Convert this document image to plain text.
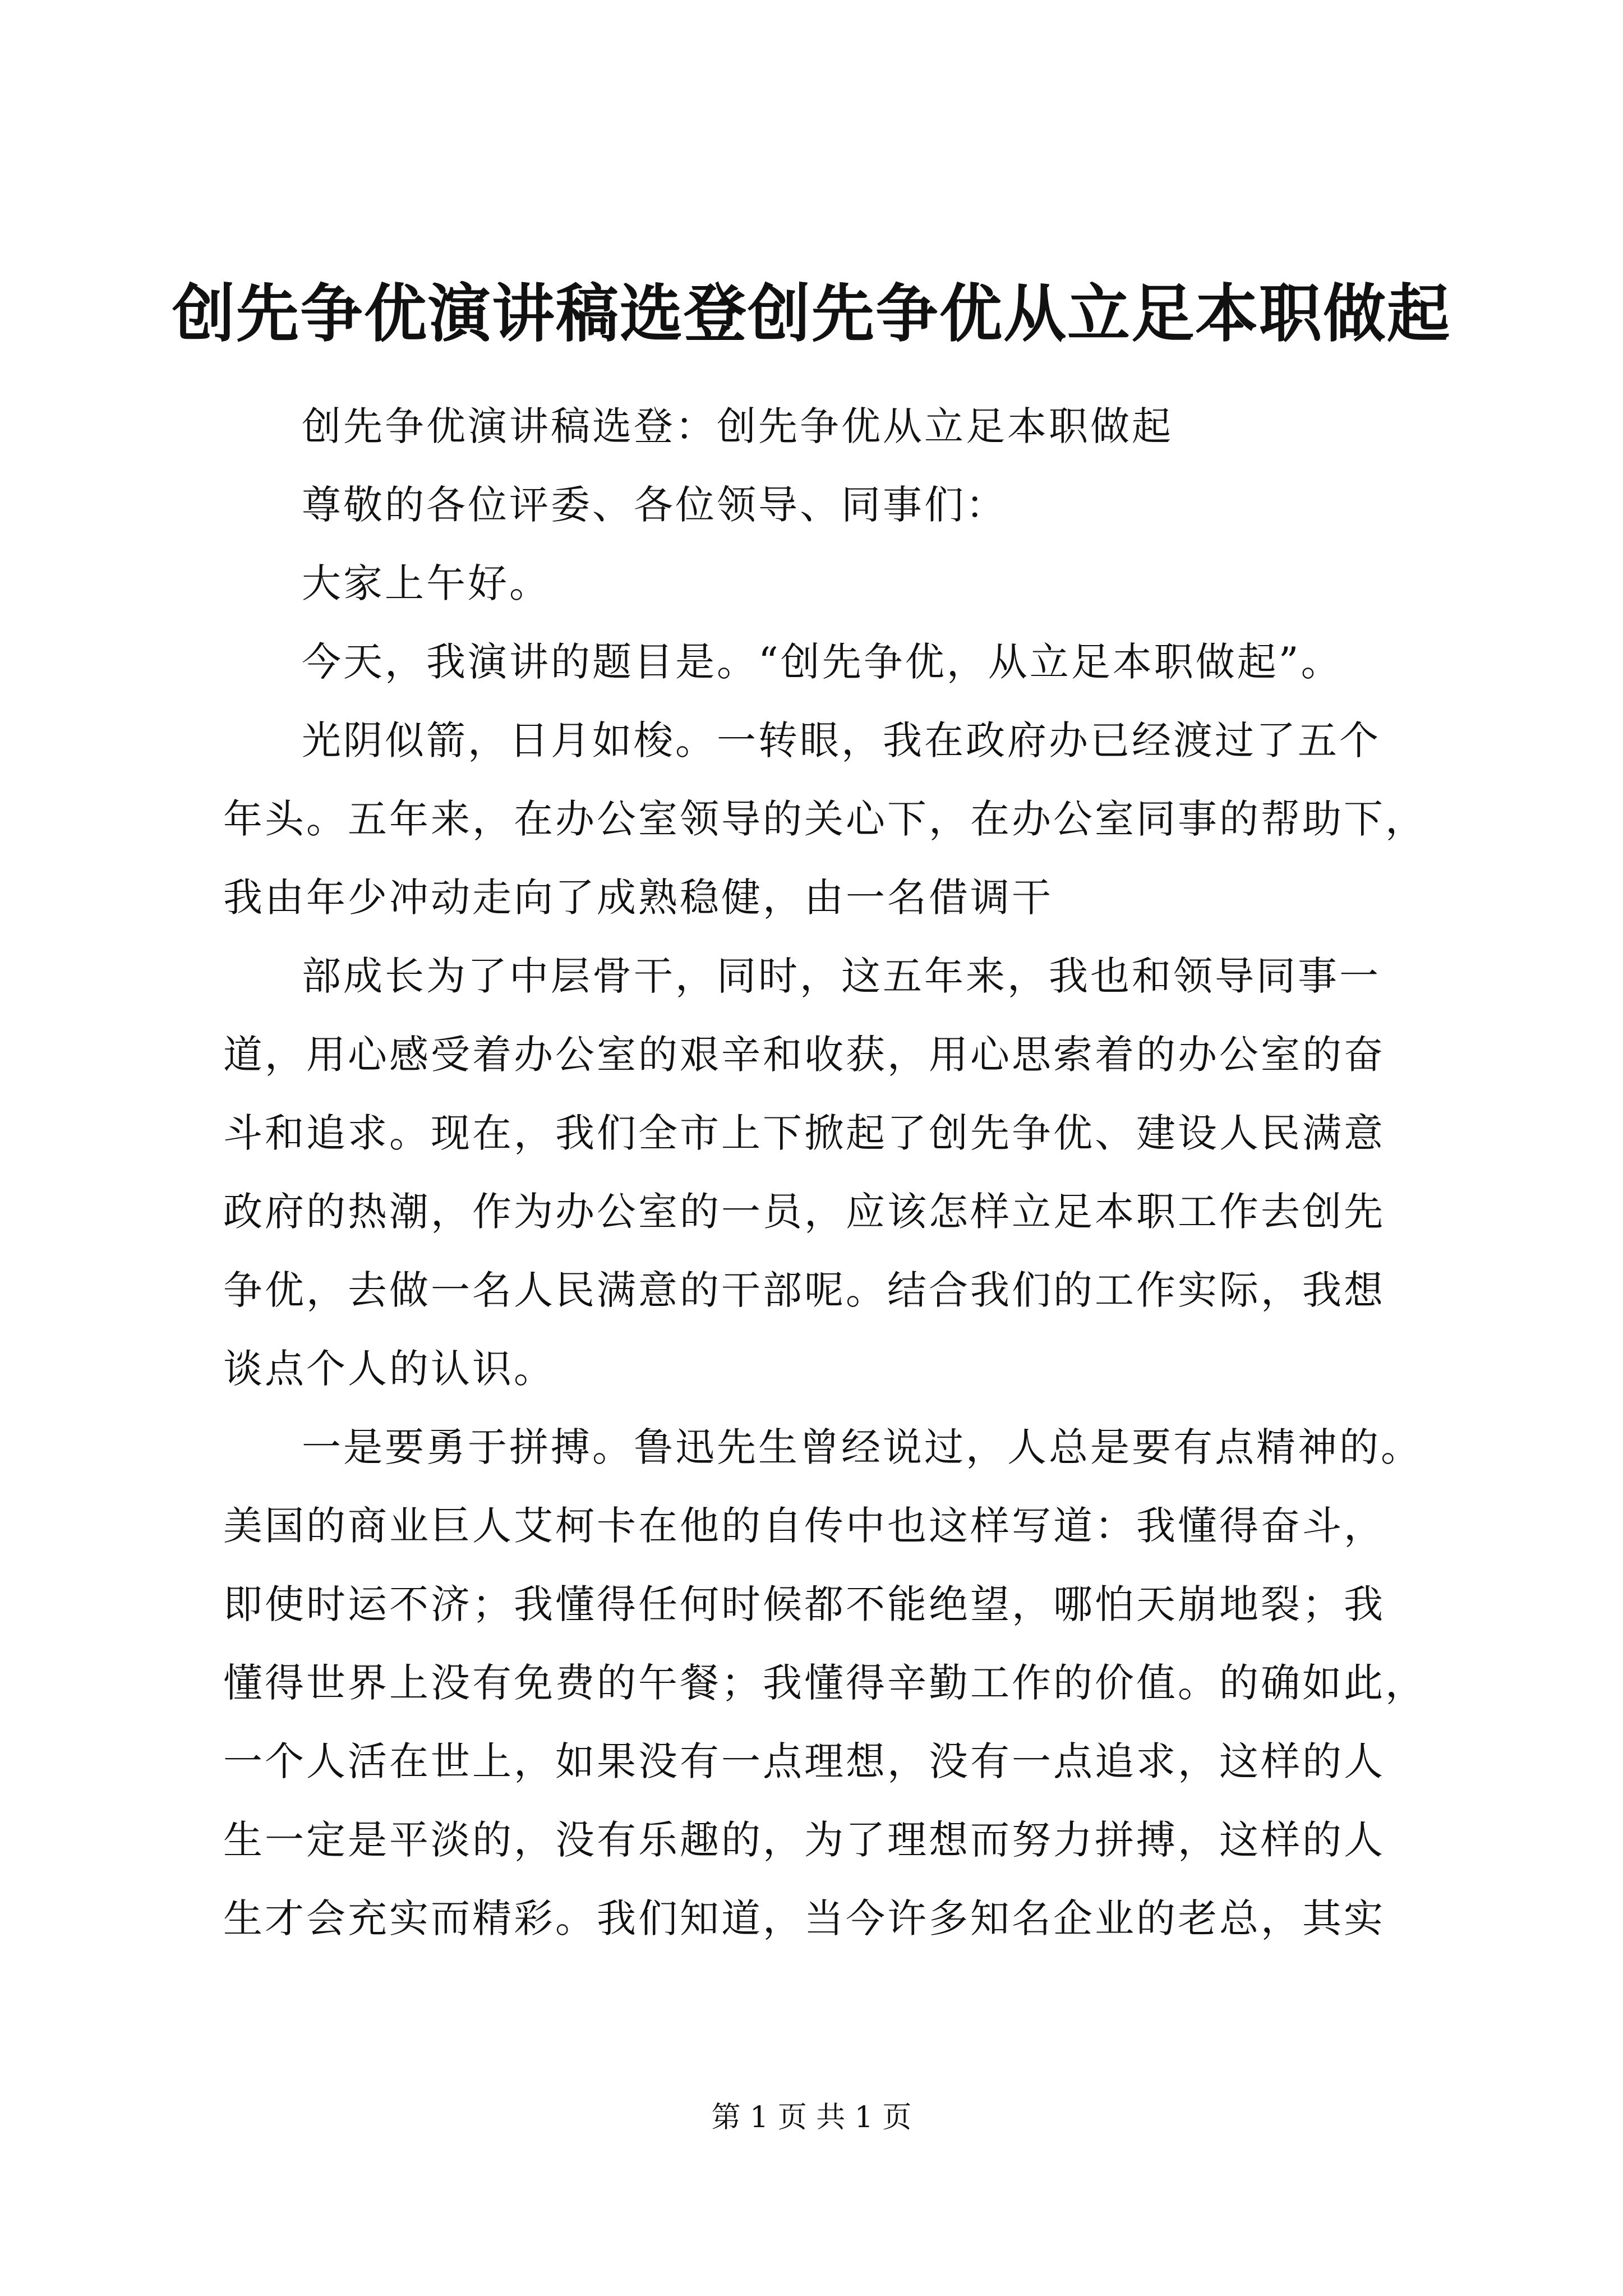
创先争优演讲稿选登创先争优从立足本职做起
创先争优演讲稿选登：创先争优从立足本职做起
尊敬的各位评委、各位领导、同事们：
大家上午好。
今天，我演讲的题目是。“创先争优，从立足本职做起”。
光阴似箭，日月如梭。一转眼，我在政府办已经渡过了五个
年头。五年来，在办公室领导的关心下，在办公室同事的帮助下，
我由年少冲动走向了成熟稳健，由一名借调干
部成长为了中层骨干，同时，这五年来，我也和领导同事一
道，用心感受着办公室的艰辛和收获，用心思索着的办公室的奋
斗和追求。现在，我们全市上下掀起了创先争优、建设人民满意
政府的热潮，作为办公室的一员，应该怎样立足本职工作去创先
争优，去做一名人民满意的干部呢。结合我们的工作实际，我想
谈点个人的认识。
一是要勇于拼搏。鲁迅先生曾经说过，人总是要有点精神的。
美国的商业巨人艾柯卡在他的自传中也这样写道：我懂得奋斗，
即使时运不济；我懂得任何时候都不能绝望，哪怕天崩地裂；我
懂得世界上没有免费的午餐；我懂得辛勤工作的价值。的确如此，
一个人活在世上，如果没有一点理想，没有一点追求，这样的人
生一定是平淡的，没有乐趣的，为了理想而努力拼搏，这样的人
生才会充实而精彩。我们知道，当今许多知名企业的老总，其实
第 1 页 共 1 页
